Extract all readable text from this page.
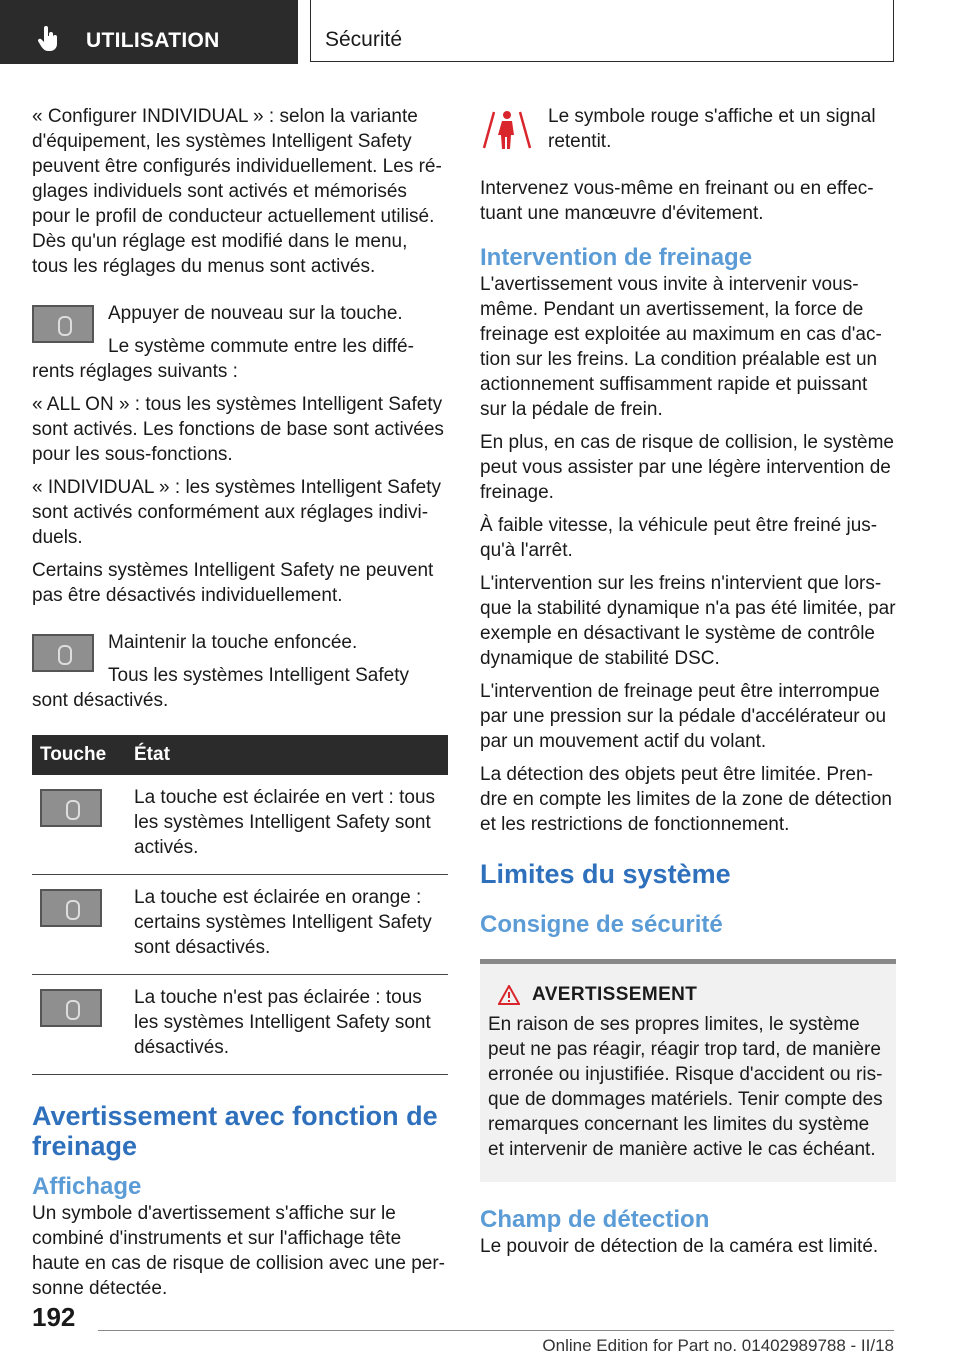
UTILISATION	Sécurité

« Configurer INDIVIDUAL » : selon la variante d'équipement, les systèmes Intelligent Safety peuvent être configurés individuellement. Les ré-glages individuels sont activés et mémorisés pour le profil de conducteur actuellement utilisé. Dès qu'un réglage est modifié dans le menu, tous les réglages du menus sont activés.

Appuyer de nouveau sur la touche.

Le système commute entre les diffé-rents réglages suivants :

« ALL ON » : tous les systèmes Intelligent Safety sont activés. Les fonctions de base sont activées pour les sous-fonctions.

« INDIVIDUAL » : les systèmes Intelligent Safety sont activés conformément aux réglages indivi-duels.

Certains systèmes Intelligent Safety ne peuvent pas être désactivés individuellement.

Maintenir la touche enfoncée.

Tous les systèmes Intelligent Safety sont désactivés.

Touche	État
	La touche est éclairée en vert : tous les systèmes Intelligent Safety sont activés.
	La touche est éclairée en orange : certains systèmes Intelligent Safety sont désactivés.
	La touche n'est pas éclairée : tous les systèmes Intelligent Safety sont désactivés.
Avertissement avec fonction de freinage
Affichage

Un symbole d'avertissement s'affiche sur le combiné d'instruments et sur l'affichage tête haute en cas de risque de collision avec une per-sonne détectée.

Le symbole rouge s'affiche et un signal retentit.

Intervenez vous-même en freinant ou en effec-tuant une manœuvre d'évitement.

Intervention de freinage

L'avertissement vous invite à intervenir vous-même. Pendant un avertissement, la force de freinage est exploitée au maximum en cas d'ac-tion sur les freins. La condition préalable est un actionnement suffisamment rapide et puissant sur la pédale de frein.

En plus, en cas de risque de collision, le système peut vous assister par une légère intervention de freinage.

À faible vitesse, la véhicule peut être freiné jus-qu'à l'arrêt.

L'intervention sur les freins n'intervient que lors-que la stabilité dynamique n'a pas été limitée, par exemple en désactivant le système de contrôle dynamique de stabilité DSC.

L'intervention de freinage peut être interrompue par une pression sur la pédale d'accélérateur ou par un mouvement actif du volant.

La détection des objets peut être limitée. Pren-dre en compte les limites de la zone de détection et les restrictions de fonctionnement.

Limites du système
Consigne de sécurité
AVERTISSEMENT

En raison de ses propres limites, le système peut ne pas réagir, réagir trop tard, de manière erronée ou injustifiée. Risque d'accident ou ris-que de dommages matériels. Tenir compte des remarques concernant les limites du système et intervenir de manière active le cas échéant.

Champ de détection

Le pouvoir de détection de la caméra est limité.

192
Online Edition for Part no. 01402989788 - II/18
